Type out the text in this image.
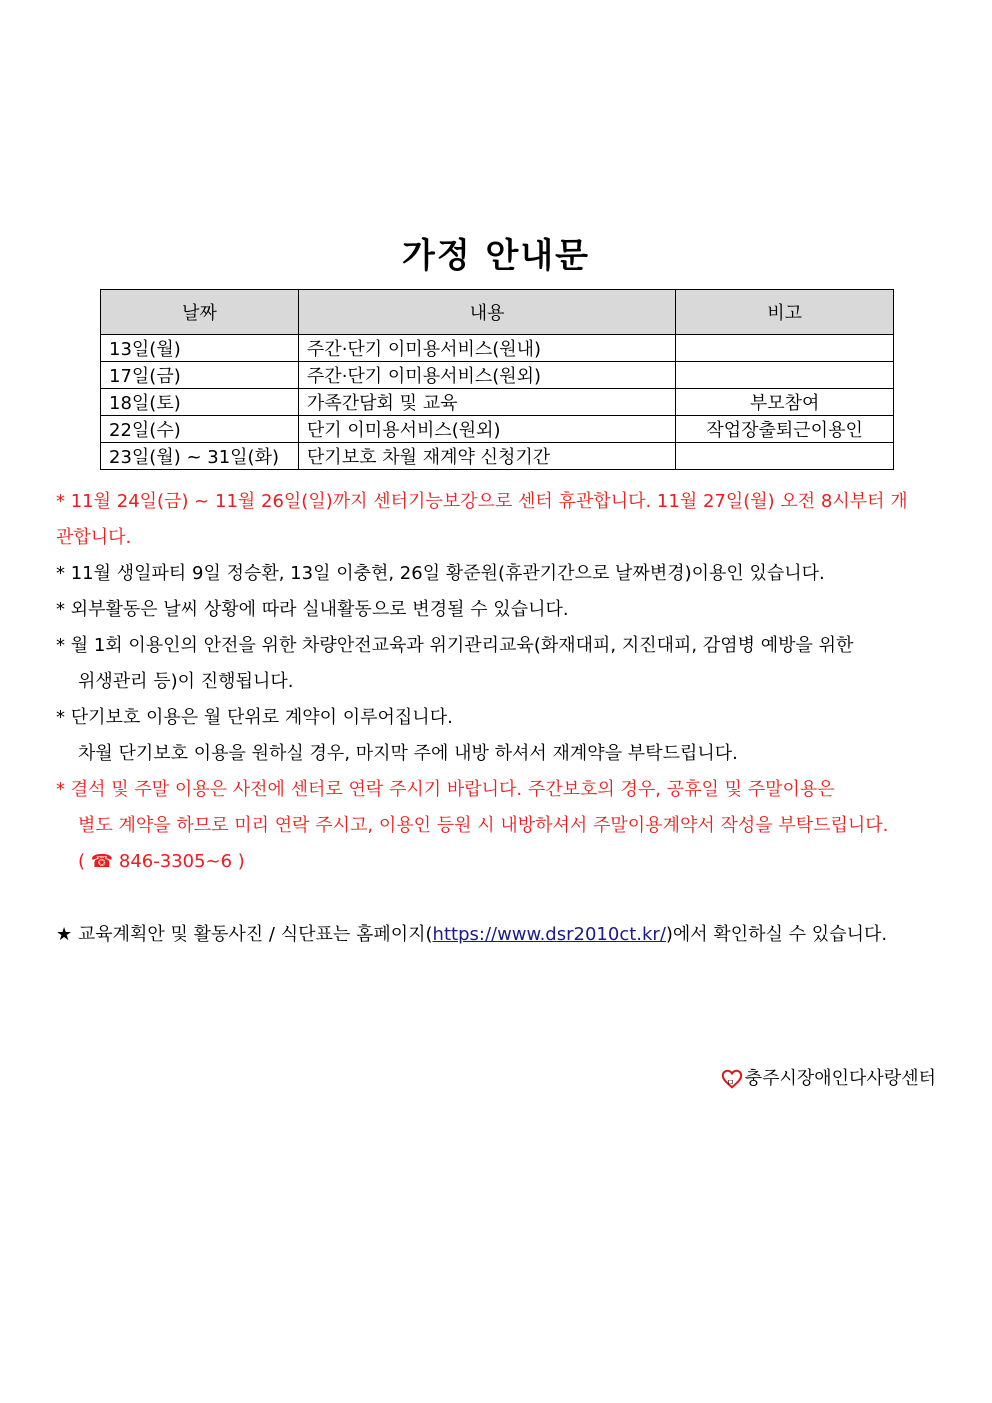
가정 안내문
날짜	내용	비고
13일(월)	주간·단기 이미용서비스(원내)	
17일(금)	주간·단기 이미용서비스(원외)	
18일(토)	가족간담회 및 교육	부모참여
22일(수)	단기 이미용서비스(원외)	작업장출퇴근이용인
23일(월) ~ 31일(화)	단기보호 차월 재계약 신청기간	

* 11월 24일(금) ~ 11월 26일(일)까지 센터기능보강으로 센터 휴관합니다. 11월 27일(월) 오전 8시부터 개

관합니다.

* 11월 생일파티 9일 정승환, 13일 이충현, 26일 황준원(휴관기간으로 날짜변경)이용인 있습니다.

* 외부활동은 날씨 상황에 따라 실내활동으로 변경될 수 있습니다.

* 월 1회 이용인의 안전을 위한 차량안전교육과 위기관리교육(화재대피, 지진대피, 감염병 예방을 위한

위생관리 등)이 진행됩니다.

* 단기보호 이용은 월 단위로 계약이 이루어집니다.

차월 단기보호 이용을 원하실 경우, 마지막 주에 내방 하셔서 재계약을 부탁드립니다.

* 결석 및 주말 이용은 사전에 센터로 연락 주시기 바랍니다. 주간보호의 경우, 공휴일 및 주말이용은

별도 계약을 하므로 미리 연락 주시고, 이용인 등원 시 내방하셔서 주말이용계약서 작성을 부탁드립니다.

( ☎ 846-3305~6 )

★ 교육계획안 및 활동사진 / 식단표는 홈페이지(https://www.dsr2010ct.kr/)에서 확인하실 수 있습니다.
ㅁ 충주시장애인다사랑센터
